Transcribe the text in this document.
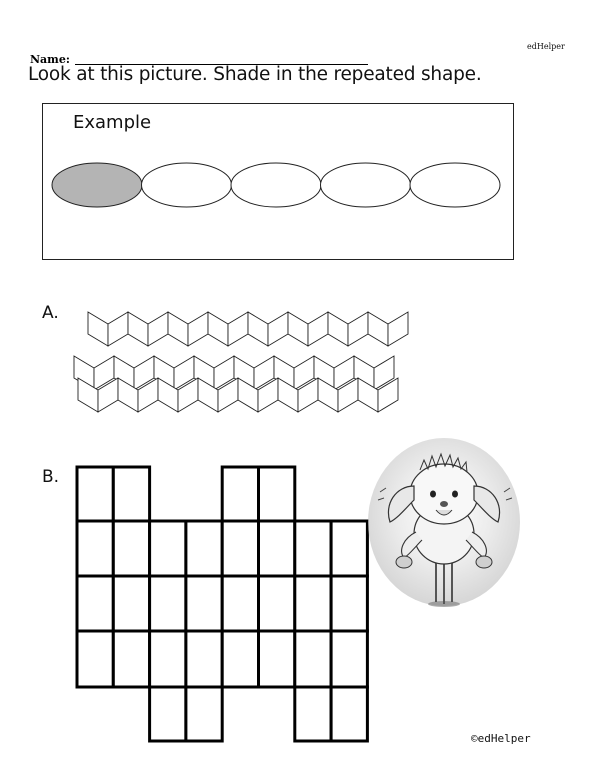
edHelper
Name:
Look at this picture. Shade in the repeated shape.
Example
A.
B.
©edHelper
